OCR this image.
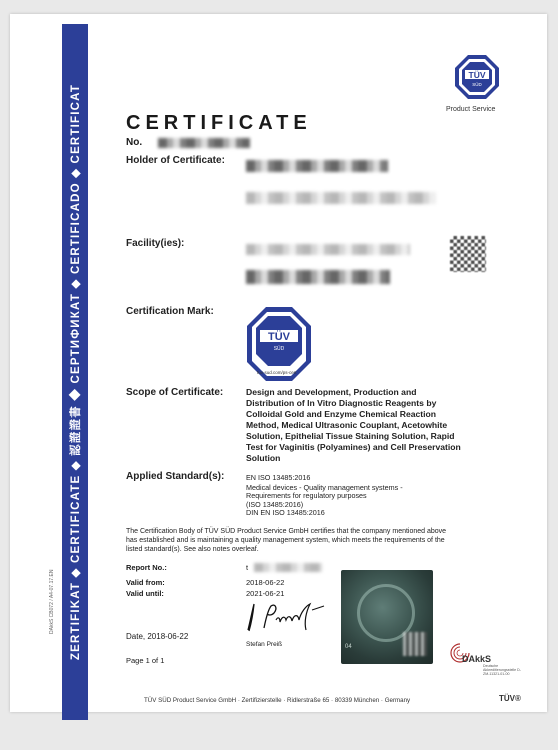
ZERTIFIKAT ◆ CERTIFICATE ◆ 認證證書 ◆ СЕРТИФИКАТ ◆ CERTIFICADO ◆ CERTIFICAT
DAkkS CB072 / A4-07.17.EN
TÜV
SÜD
Product Service
CERTIFICATE
No.
Holder of Certificate:
Facility(ies):
Certification Mark:
TÜV
SÜD
tuv-sud.com/ps-cert
Scope of Certificate:	Design and Development, Production and Distribution of In Vitro Diagnostic Reagents by Colloidal Gold and Enzyme Chemical Reaction Method, Medical Ultrasonic Couplant, Acetowhite Solution, Epithelial Tissue Staining Solution, Rapid Test for Vaginitis (Polyamines) and Cell Preservation Solution
Applied Standard(s):	EN ISO 13485:2016
Medical devices - Quality management systems -
Requirements for regulatory purposes
(ISO 13485:2016)
DIN EN ISO 13485:2016
The Certification Body of TÜV SÜD Product Service GmbH certifies that the company mentioned above has established and is maintaining a quality management system, which meets the requirements of the listed standard(s). See also notes overleaf.
Report No.:	t
Valid from:	2018-06-22
Valid until:	2021-06-21
Stefan Preiß
Date, 2018-06-22
Page 1 of 1
04
DAkkS
Deutsche Akkreditierungsstelle D-ZM-11321-01-00
TÜV SÜD Product Service GmbH · Zertifizierstelle · Ridlerstraße 65 · 80339 München · Germany	TÜV®
